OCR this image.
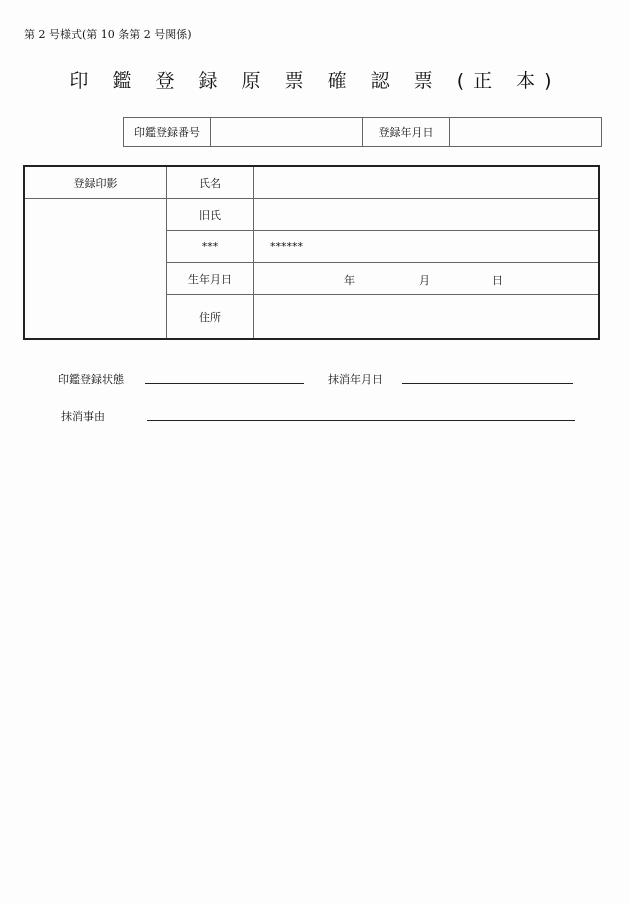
第 2 号様式(第 10 条第 2 号関係)
印 鑑 登 録 原 票 確 認 票 (正 本)
印鑑登録番号		登録年月日	
登録印影	氏名	
	旧氏	
	***	******
	生年月日	年 月 日

	住所	
印鑑登録状態	抹消年月日
抹消事由
